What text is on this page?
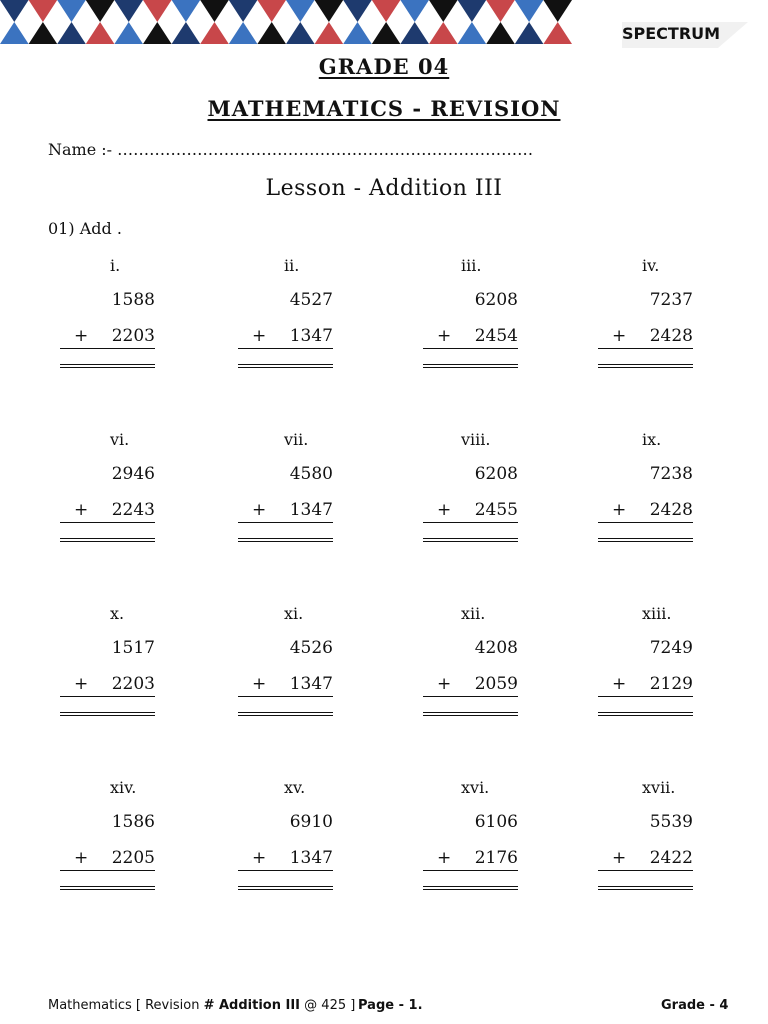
SPECTRUM
GRADE 04
MATHEMATICS - REVISION
Name :- ……………………………………………………………………
Lesson - Addition III
01) Add .
i.
1588
+ 2203
ii.
4527
+ 1347
iii.
6208
+ 2454
iv.
7237
+ 2428
vi.
2946
+ 2243
vii.
4580
+ 1347
viii.
6208
+ 2455
ix.
7238
+ 2428
x.
1517
+ 2203
xi.
4526
+ 1347
xii.
4208
+ 2059
xiii.
7249
+ 2129
xiv.
1586
+ 2205
xv.
6910
+ 1347
xvi.
6106
+ 2176
xvii.
5539
+ 2422
Mathematics [ Revision # Addition III @ 425 ] Page - 1.	Grade - 4
